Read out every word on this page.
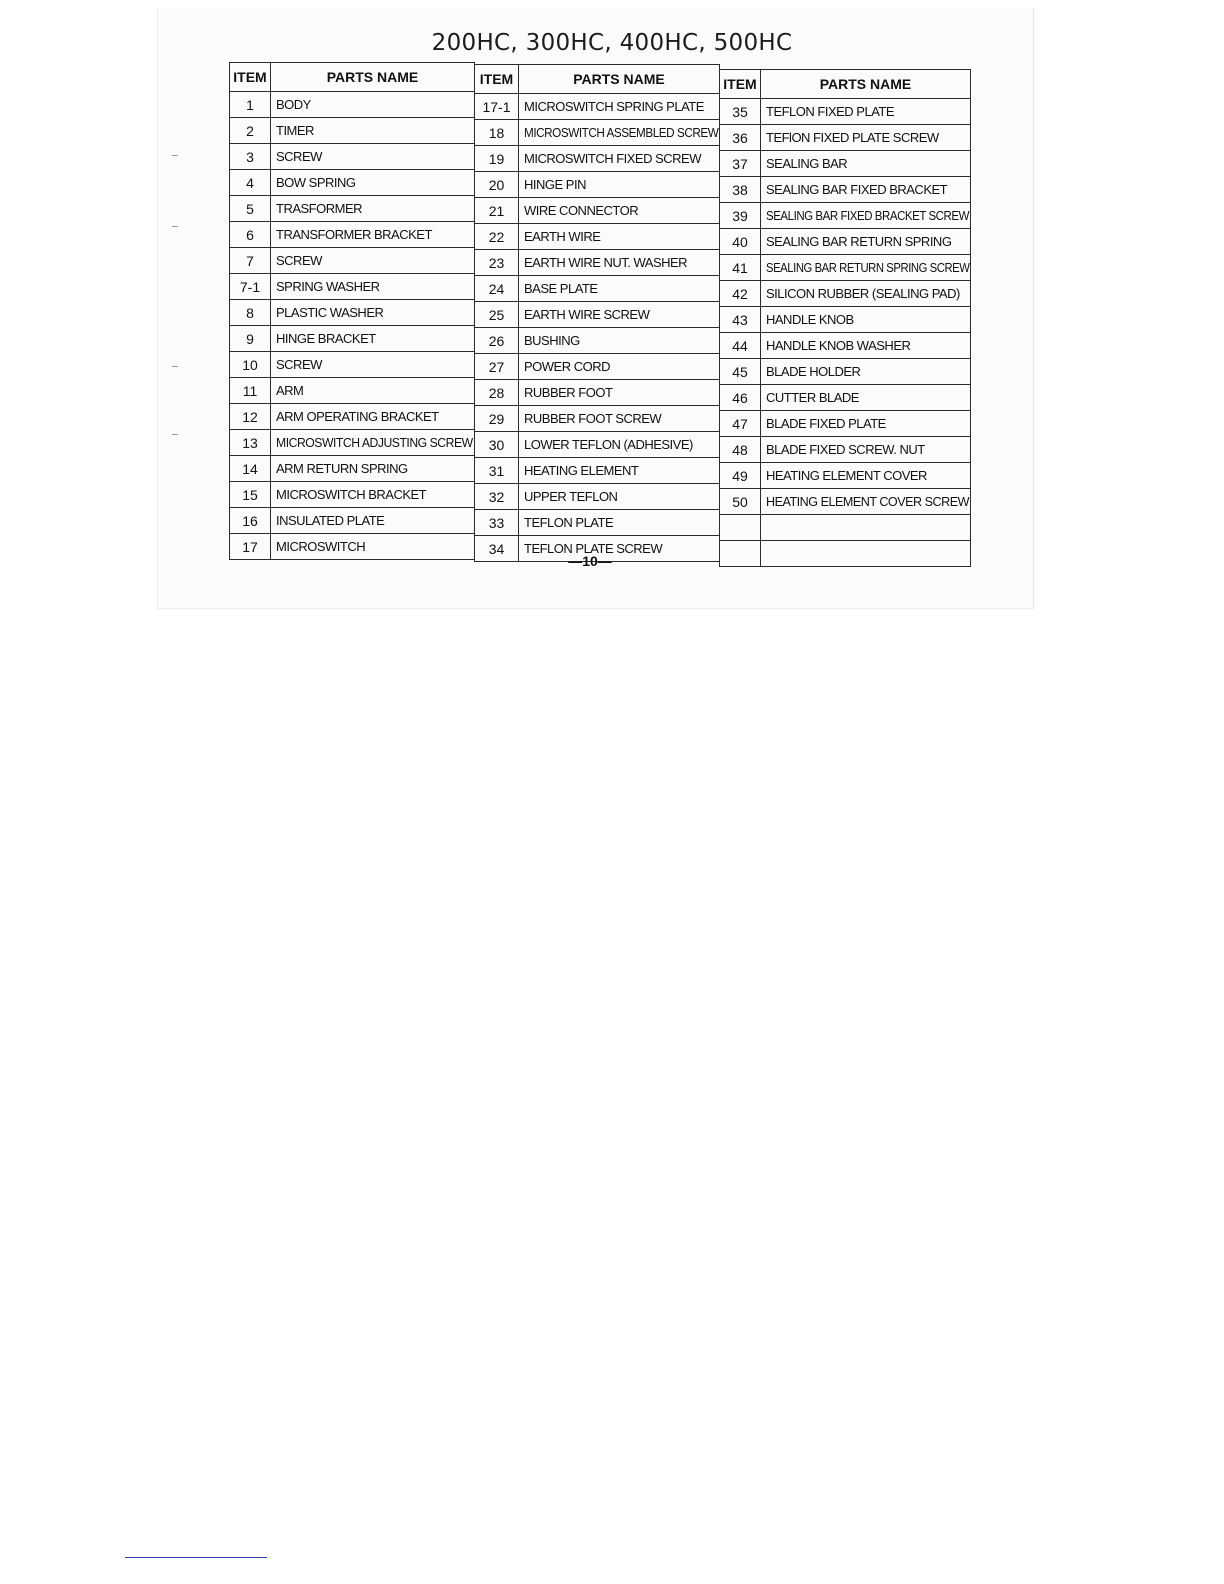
200HC, 300HC, 400HC, 500HC
ITEM	PARTS NAME
1	BODY
2	TIMER
3	SCREW
4	BOW SPRING
5	TRASFORMER
6	TRANSFORMER BRACKET
7	SCREW
7-1	SPRING WASHER
8	PLASTIC WASHER
9	HINGE BRACKET
10	SCREW
11	ARM
12	ARM OPERATING BRACKET
13	MICROSWITCH ADJUSTING SCREW
14	ARM RETURN SPRING
15	MICROSWITCH BRACKET
16	INSULATED PLATE
17	MICROSWITCH
ITEM	PARTS NAME
17-1	MICROSWITCH SPRING PLATE
18	MICROSWITCH ASSEMBLED SCREW
19	MICROSWITCH FIXED SCREW
20	HINGE PIN
21	WIRE CONNECTOR
22	EARTH WIRE
23	EARTH WIRE NUT. WASHER
24	BASE PLATE
25	EARTH WIRE SCREW
26	BUSHING
27	POWER CORD
28	RUBBER FOOT
29	RUBBER FOOT SCREW
30	LOWER TEFLON (ADHESIVE)
31	HEATING ELEMENT
32	UPPER TEFLON
33	TEFLON PLATE
34	TEFLON PLATE SCREW
ITEM	PARTS NAME
35	TEFLON FIXED PLATE
36	TEFlON FIXED PLATE SCREW
37	SEALING BAR
38	SEALING BAR FIXED BRACKET
39	SEALING BAR FIXED BRACKET SCREW
40	SEALING BAR RETURN SPRING
41	SEALING BAR RETURN SPRING SCREW
42	SILICON RUBBER (SEALING PAD)
43	HANDLE KNOB
44	HANDLE KNOB WASHER
45	BLADE HOLDER
46	CUTTER BLADE
47	BLADE FIXED PLATE
48	BLADE FIXED SCREW. NUT
49	HEATING ELEMENT COVER
50	HEATING ELEMENT COVER SCREW

—10—
